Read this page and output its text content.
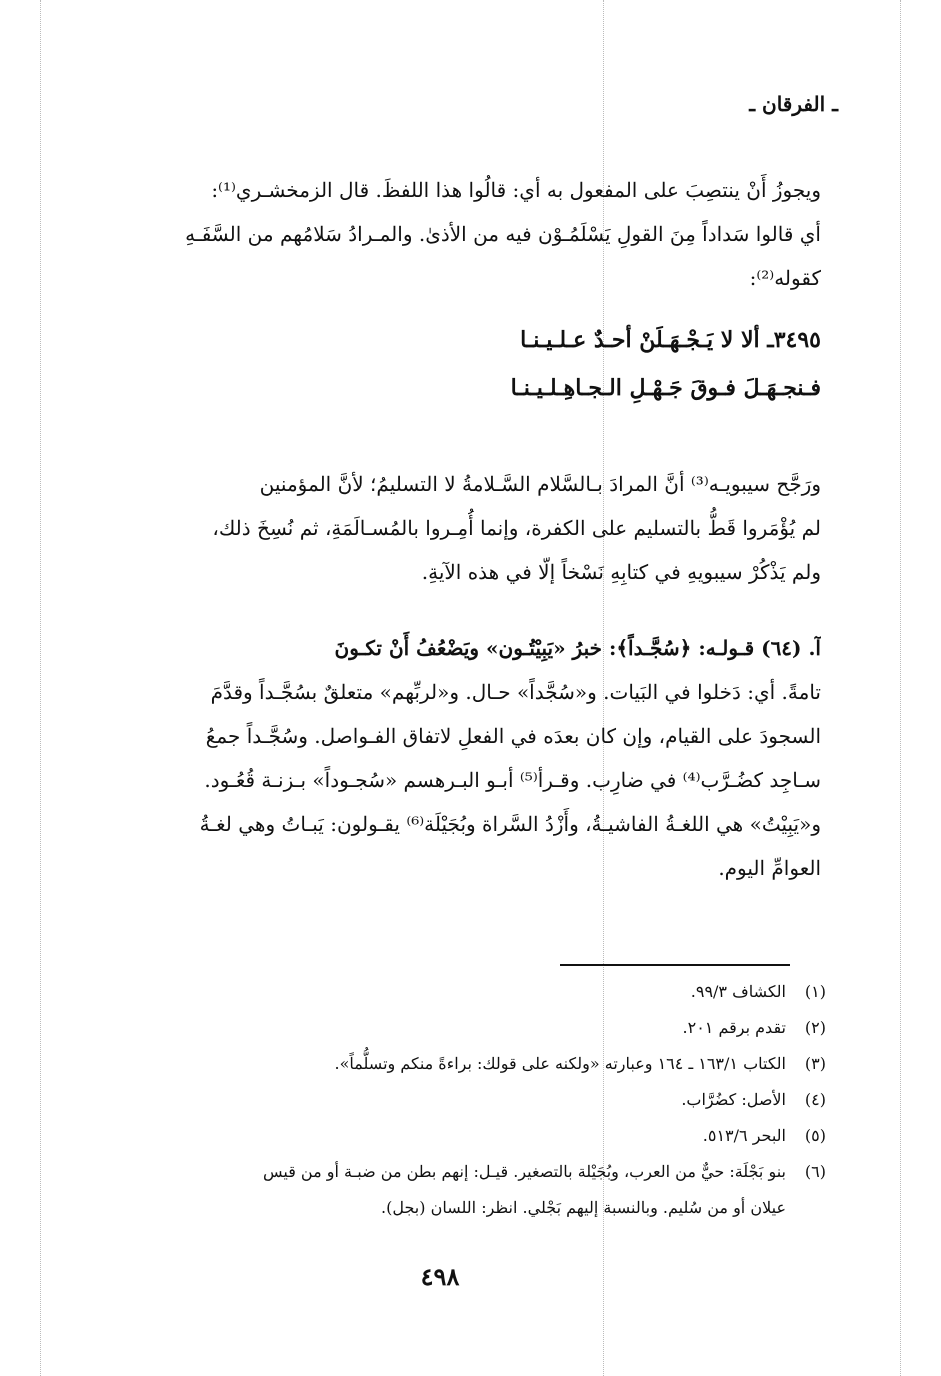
ـ الفرقان ـ
ويجوزُ أَنْ ينتصِبَ على المفعول به أي: قالُوا هذا اللفظَ. قال الزمخشـري⁽¹⁾:
أي قالوا سَداداً مِنَ القولِ يَسْلَمُـوْن فيه من الأذىٰ. والمـرادُ سَلامُهم من السَّفَـهِ
كقوله⁽²⁾:
٣٤٩٥ـ ألا لا يَـجْـهَـلَنْ أحـدٌ عـلـيـنـا
فـنجـهَـلَ فـوقَ جَـهْـلِ الـجـاهِـلـيـنـا
ورَجَّح سيبويـه⁽³⁾ أنَّ المرادَ بـالسَّلام السَّـلامةُ لا التسليمُ؛ لأنَّ المؤمنين
لم يُؤْمَروا قَطُّ بالتسليم على الكفرة، وإنما أُمِـروا بالمُسـالَمَةِ، ثم نُسِخَ ذلك،
ولم يَذْكُرْ سيبويهِ في كتابِهِ نَسْخاً إلّا في هذه الآيةِ.
آ. (٦٤) قـولـه: ﴿سُجَّـداً﴾: خبرُ «يَبِيْتُـون» ويَضْعُفُ أَنْ تكـونَ
تامةً. أي: دَخلوا في البَيات. و«سُجَّداً» حـال. و«لربِّهم» متعلقٌ بسُجَّـداً وقدَّمَ
السجودَ على القيام، وإن كان بعدَه في الفعلِ لاتفاق الفـواصل. وسُجَّـداً جمعُ
سـاجِد كضُـرَّب⁽⁴⁾ في ضارِب. وقـرأ⁽⁵⁾ أبـو البـرهسم «سُجـوداً» بـزنـة قُعُـود.
و«يَبِيْتُ» هي اللغـةُ الفاشيـةُ، وأَزْدُ السَّراة وبُجَيْلَة⁽⁶⁾ يقـولون: يَبـاتُ وهي لغـةُ
العوامِّ اليوم.
(١)
الكشاف ٩٩/٣.
(٢)
تقدم برقم ٢٠١.
(٣)
الكتاب ١٦٣/١ ـ ١٦٤ وعبارته «ولكنه على قولك: براءةً منكم وتسلُّماً».
(٤)
الأصل: كضُرَّاب.
(٥)
البحر ٥١٣/٦.
(٦)
بنو بَجْلَة: حيٌّ من العرب، وبُجَيْلة بالتصغير. قيـل: إنهم بطن من ضبـة أو من قيس
عيلان أو من سُليم. وبالنسبة إليهم بَجْلي. انظر: اللسان (بجل).
٤٩٨
